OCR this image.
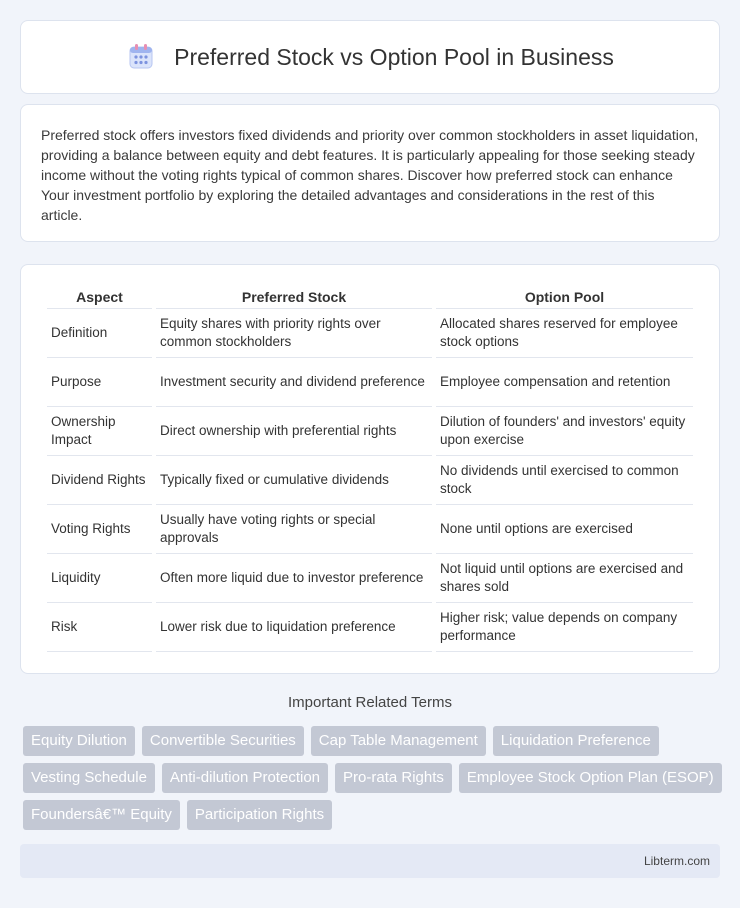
Preferred Stock vs Option Pool in Business

Preferred stock offers investors fixed dividends and priority over common stockholders in asset liquidation, providing a balance between equity and debt features. It is particularly appealing for those seeking steady income without the voting rights typical of common shares. Discover how preferred stock can enhance Your investment portfolio by exploring the detailed advantages and considerations in the rest of this article.

Aspect	Preferred Stock	Option Pool
Definition	Equity shares with priority rights over common stockholders	Allocated shares reserved for employee stock options
Purpose	Investment security and dividend preference	Employee compensation and retention
Ownership Impact	Direct ownership with preferential rights	Dilution of founders' and investors' equity upon exercise
Dividend Rights	Typically fixed or cumulative dividends	No dividends until exercised to common stock
Voting Rights	Usually have voting rights or special approvals	None until options are exercised
Liquidity	Often more liquid due to investor preference	Not liquid until options are exercised and shares sold
Risk	Lower risk due to liquidation preference	Higher risk; value depends on company performance
Important Related Terms
Equity Dilution	Convertible Securities	Cap Table Management	Liquidation Preference
Vesting Schedule	Anti-dilution Protection	Pro-rata Rights	Employee Stock Option Plan (ESOP)
Foundersâ€™ Equity	Participation Rights
Libterm.com
